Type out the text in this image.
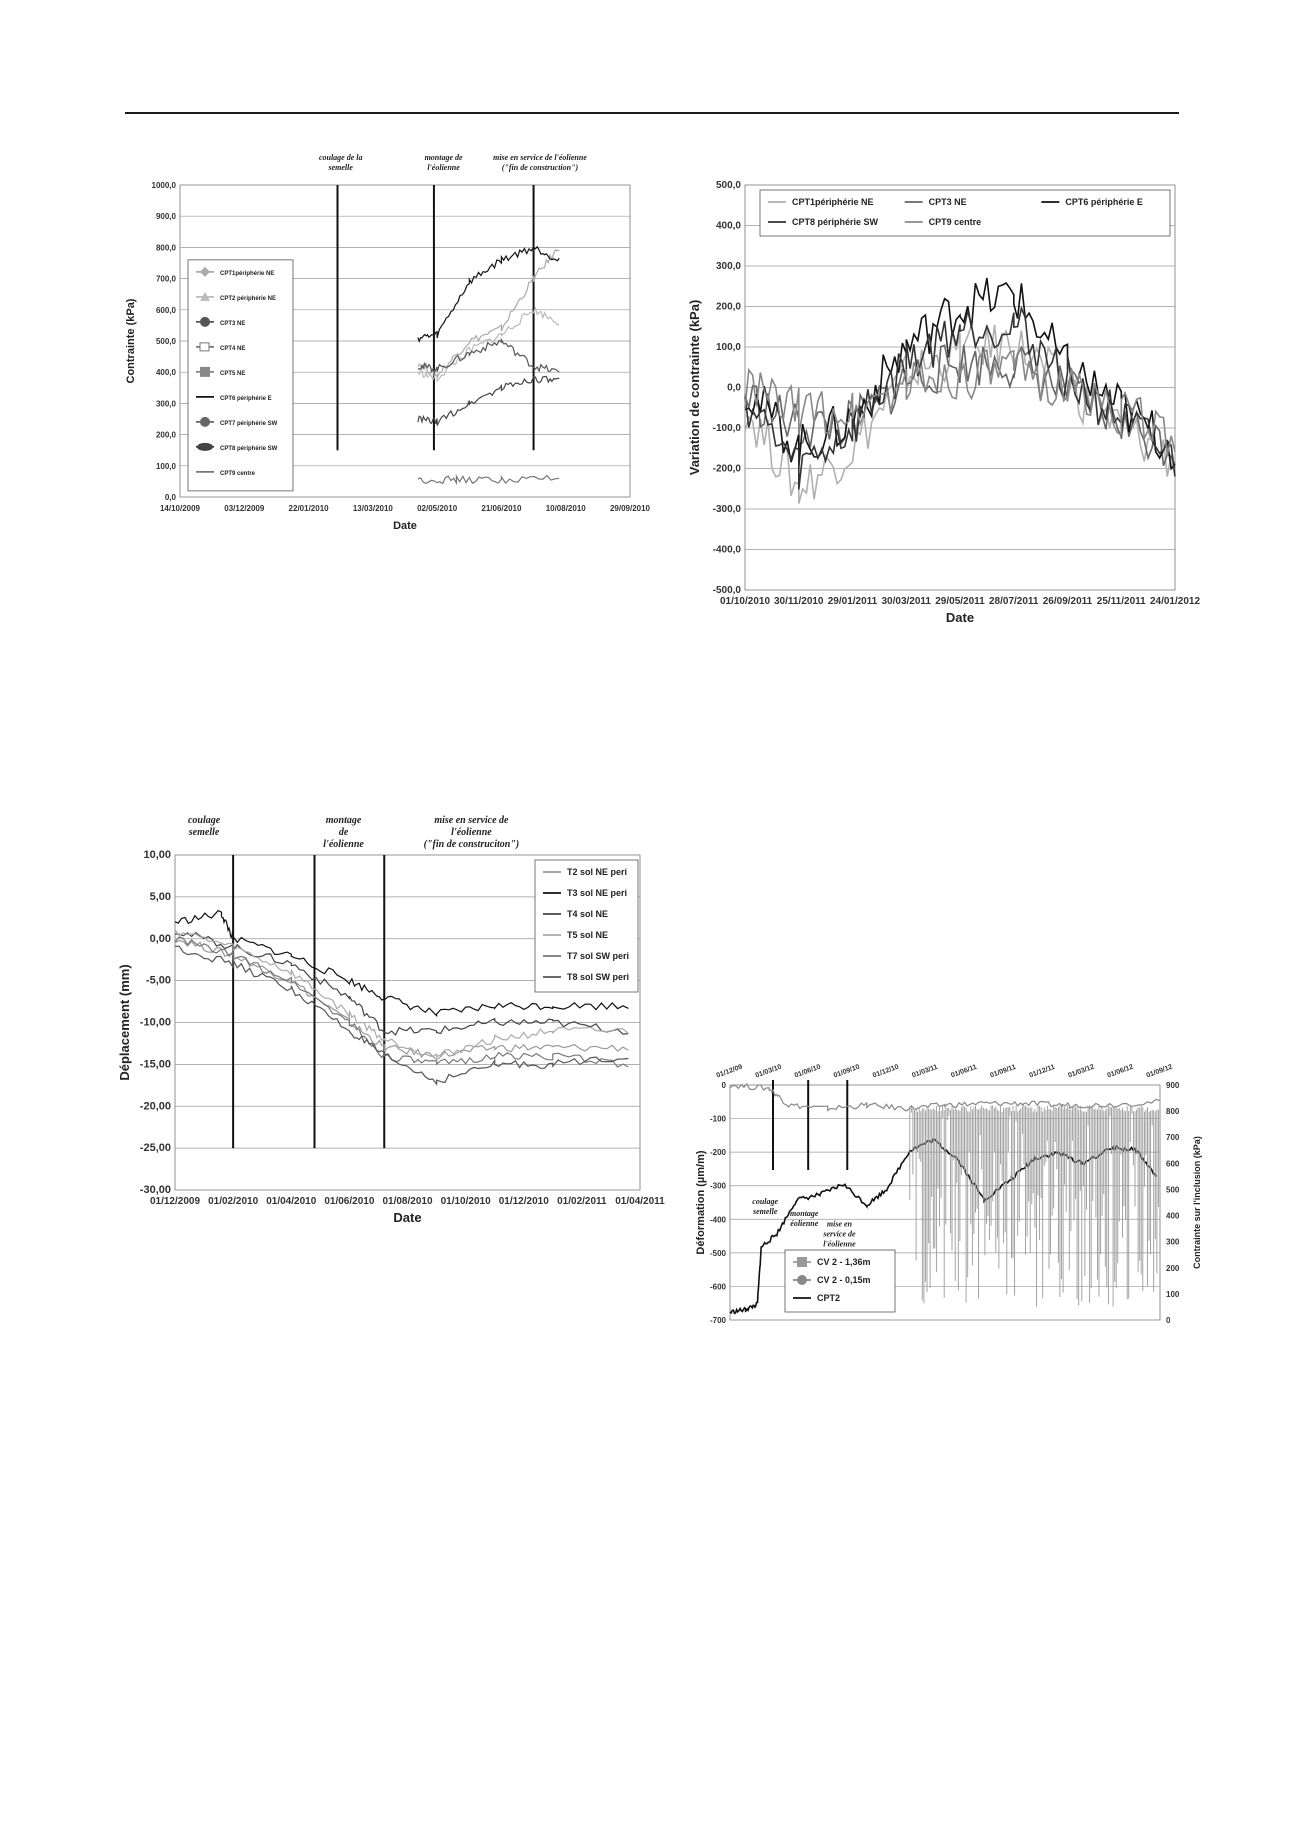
0,0
100,0
200,0
300,0
400,0
500,0
600,0
700,0
800,0
900,0
1000,0
14/10/2009	03/12/2009	22/01/2010	13/03/2010	02/05/2010	21/06/2010	10/08/2010	29/09/2010
Date
Contrainte (kPa)
coulage de la
semelle
montage de
l'éolienne
mise en service de l'éolienne
("fin de construction")
CPT1périphérie NE
CPT2 périphérie NE
CPT3 NE
CPT4 NE
CPT5 NE
CPT6 périphérie E
CPT7 périphérie SW
CPT8 périphérie SW
CPT9 centre
-500,0
-400,0
-300,0
-200,0
-100,0
0,0
100,0
200,0
300,0
400,0
500,0
01/10/2010 30/11/2010 29/01/2011 30/03/2011 29/05/2011 28/07/2011 26/09/2011 25/11/2011 24/01/2012
Date
Variation de contrainte (kPa)
CPT1périphérie NE	CPT3 NE	CPT6 périphérie E
CPT8 périphérie SW	CPT9 centre
-30,00
-25,00
-20,00
-15,00
-10,00
-5,00
0,00
5,00
10,00
01/12/2009 01/02/2010 01/04/2010 01/06/2010 01/08/2010 01/10/2010 01/12/2010 01/02/2011 01/04/2011
Date
Déplacement (mm)
coulage
semelle
montage
de
l'éolienne
mise en service de
l'éolienne
("fin de construciton")
T2 sol NE peri
T3 sol NE peri
T4 sol NE
T5 sol NE
T7 sol SW peri
T8 sol SW peri
-700
-600
-500
-400
-300
-200
-100
0
0
100
200
300
400
500
600
700
800
900
Contrainte sur l'inclusion (kPa)
01/12/09 01/03/10 01/06/10 01/09/10 01/12/10 01/03/11 01/06/11 01/09/11 01/12/11 01/03/12 01/06/12 01/09/12
Déformation (µm/m)	coulage
semelle montage
éolienne mise en
service de
l'éolienne
CV 2 - 1,36m
CV 2 - 0,15m
CPT2
